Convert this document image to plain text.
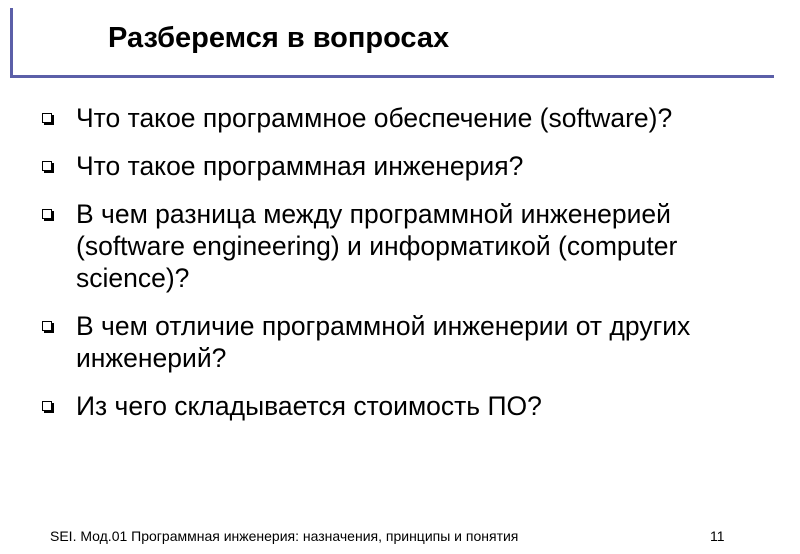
Разберемся в вопросах
Что такое программное обеспечение (software)?
Что такое программная инженерия?
В чем разница между программной инженерией (software engineering) и информатикой (computer science)?
В чем отличие программной инженерии от других инженерий?
Из чего складывается стоимость ПО?
SEI. Мод.01 Программная инженерия: назначения, принципы и понятия	11
